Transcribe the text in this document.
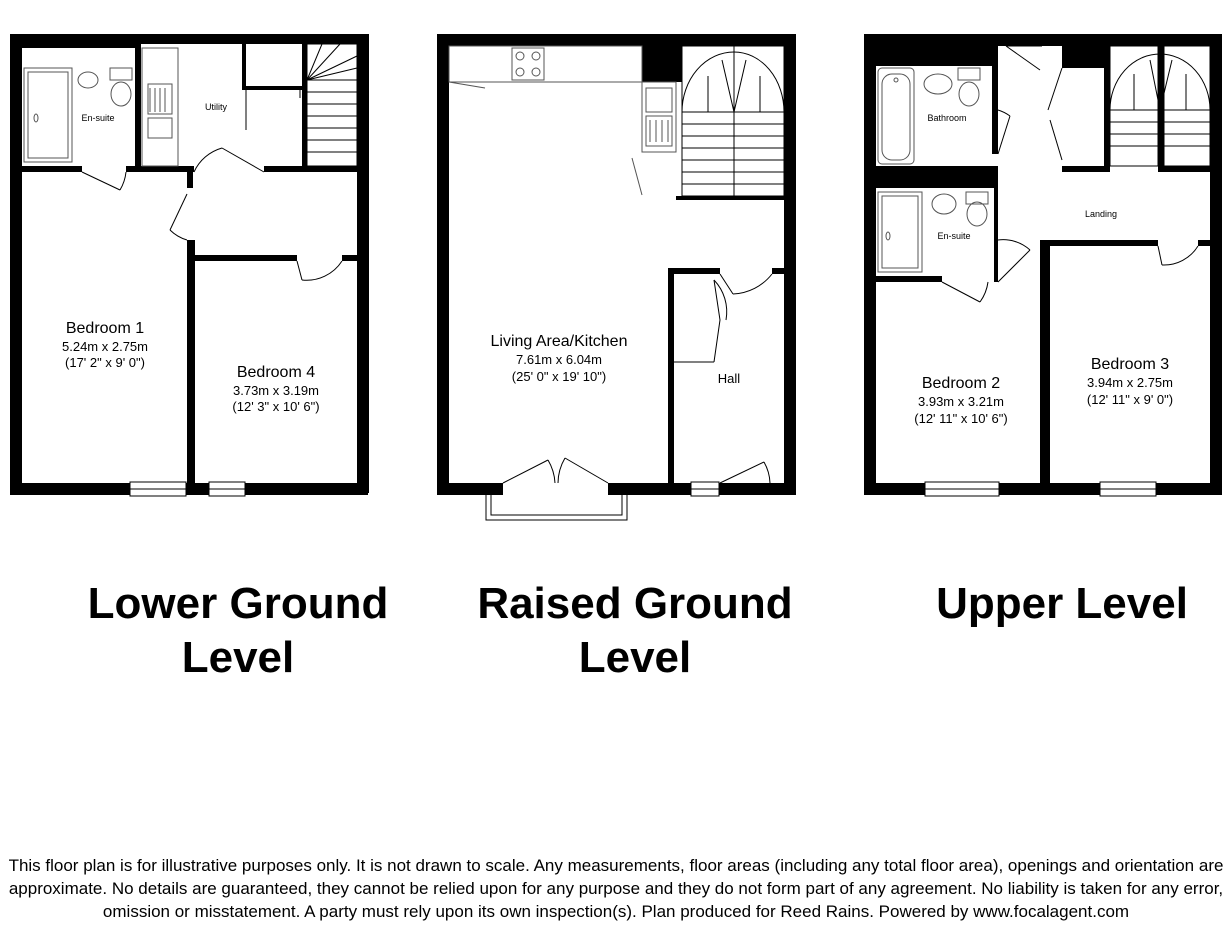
En-suite
Utility
Bedroom 1
5.24m x 2.75m
(17' 2" x 9' 0")
Bedroom 4
3.73m x 3.19m
(12' 3" x 10' 6")
Living Area/Kitchen
7.61m x 6.04m
(25' 0" x 19' 10")	Hall
Bathroom
En-suite
Landing
Bedroom 2
3.93m x 3.21m
(12' 11" x 10' 6")
Bedroom 3
3.94m x 2.75m
(12' 11" x 9' 0")
Lower Ground
Level
Raised Ground
Level
Upper Level
This floor plan is for illustrative purposes only. It is not drawn to scale. Any measurements, floor areas (including any total floor area), openings and orientation are approximate. No details are guaranteed, they cannot be relied upon for any purpose and they do not form part of any agreement. No liability is taken for any error, omission or misstatement. A party must rely upon its own inspection(s). Plan produced for Reed Rains. Powered by www.focalagent.com
